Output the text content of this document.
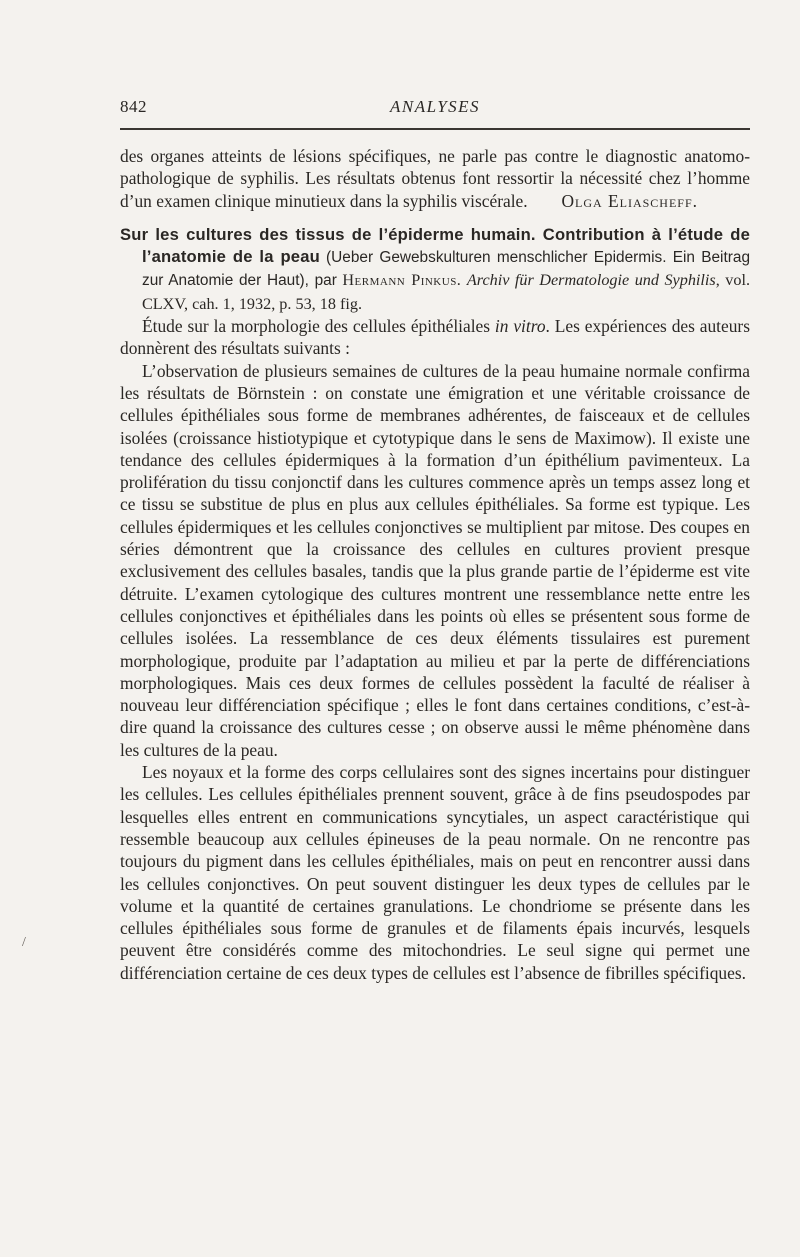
842	ANALYSES

des organes atteints de lésions spécifiques, ne parle pas contre le diagnostic anatomo-pathologique de syphilis. Les résultats obtenus font ressortir la nécessité chez l’homme d’un examen clinique minutieux dans la syphilis viscérale.	Olga Eliascheff.

Sur les cultures des tissus de l’épiderme humain. Contribution à l’étude de l’anatomie de la peau (Ueber Gewebskulturen menschlicher Epidermis. Ein Beitrag zur Anatomie der Haut), par Hermann Pinkus. Archiv für Dermatologie und Syphilis, vol. CLXV, cah. 1, 1932, p. 53, 18 fig.

Étude sur la morphologie des cellules épithéliales in vitro. Les expériences des auteurs donnèrent des résultats suivants :

L’observation de plusieurs semaines de cultures de la peau humaine normale confirma les résultats de Börnstein : on constate une émigration et une véritable croissance de cellules épithéliales sous forme de membranes adhérentes, de faisceaux et de cellules isolées (croissance histiotypique et cytotypique dans le sens de Maximow). Il existe une tendance des cellules épidermiques à la formation d’un épithélium pavimenteux. La prolifération du tissu conjonctif dans les cultures commence après un temps assez long et ce tissu se substitue de plus en plus aux cellules épithéliales. Sa forme est typique. Les cellules épidermiques et les cellules conjonctives se multiplient par mitose. Des coupes en séries démontrent que la croissance des cellules en cultures provient presque exclusivement des cellules basales, tandis que la plus grande partie de l’épiderme est vite détruite. L’examen cytologique des cultures montrent une ressemblance nette entre les cellules conjonctives et épithéliales dans les points où elles se présentent sous forme de cellules isolées. La ressemblance de ces deux éléments tissulaires est purement morphologique, produite par l’adaptation au milieu et par la perte de différenciations morphologiques. Mais ces deux formes de cellules possèdent la faculté de réaliser à nouveau leur différenciation spécifique ; elles le font dans certaines conditions, c’est-à-dire quand la croissance des cultures cesse ; on observe aussi le même phénomène dans les cultures de la peau.

Les noyaux et la forme des corps cellulaires sont des signes incertains pour distinguer les cellules. Les cellules épithéliales prennent souvent, grâce à de fins pseudospodes par lesquelles elles entrent en communications syncytiales, un aspect caractéristique qui ressemble beaucoup aux cellules épineuses de la peau normale. On ne rencontre pas toujours du pigment dans les cellules épithéliales, mais on peut en rencontrer aussi dans les cellules conjonctives. On peut souvent distinguer les deux types de cellules par le volume et la quantité de certaines granulations. Le chondriome se présente dans les cellules épithéliales sous forme de granules et de filaments épais incurvés, lesquels peuvent être considérés comme des mitochondries. Le seul signe qui permet une différenciation certaine de ces deux types de cellules est l’absence de fibrilles spécifiques.

/
